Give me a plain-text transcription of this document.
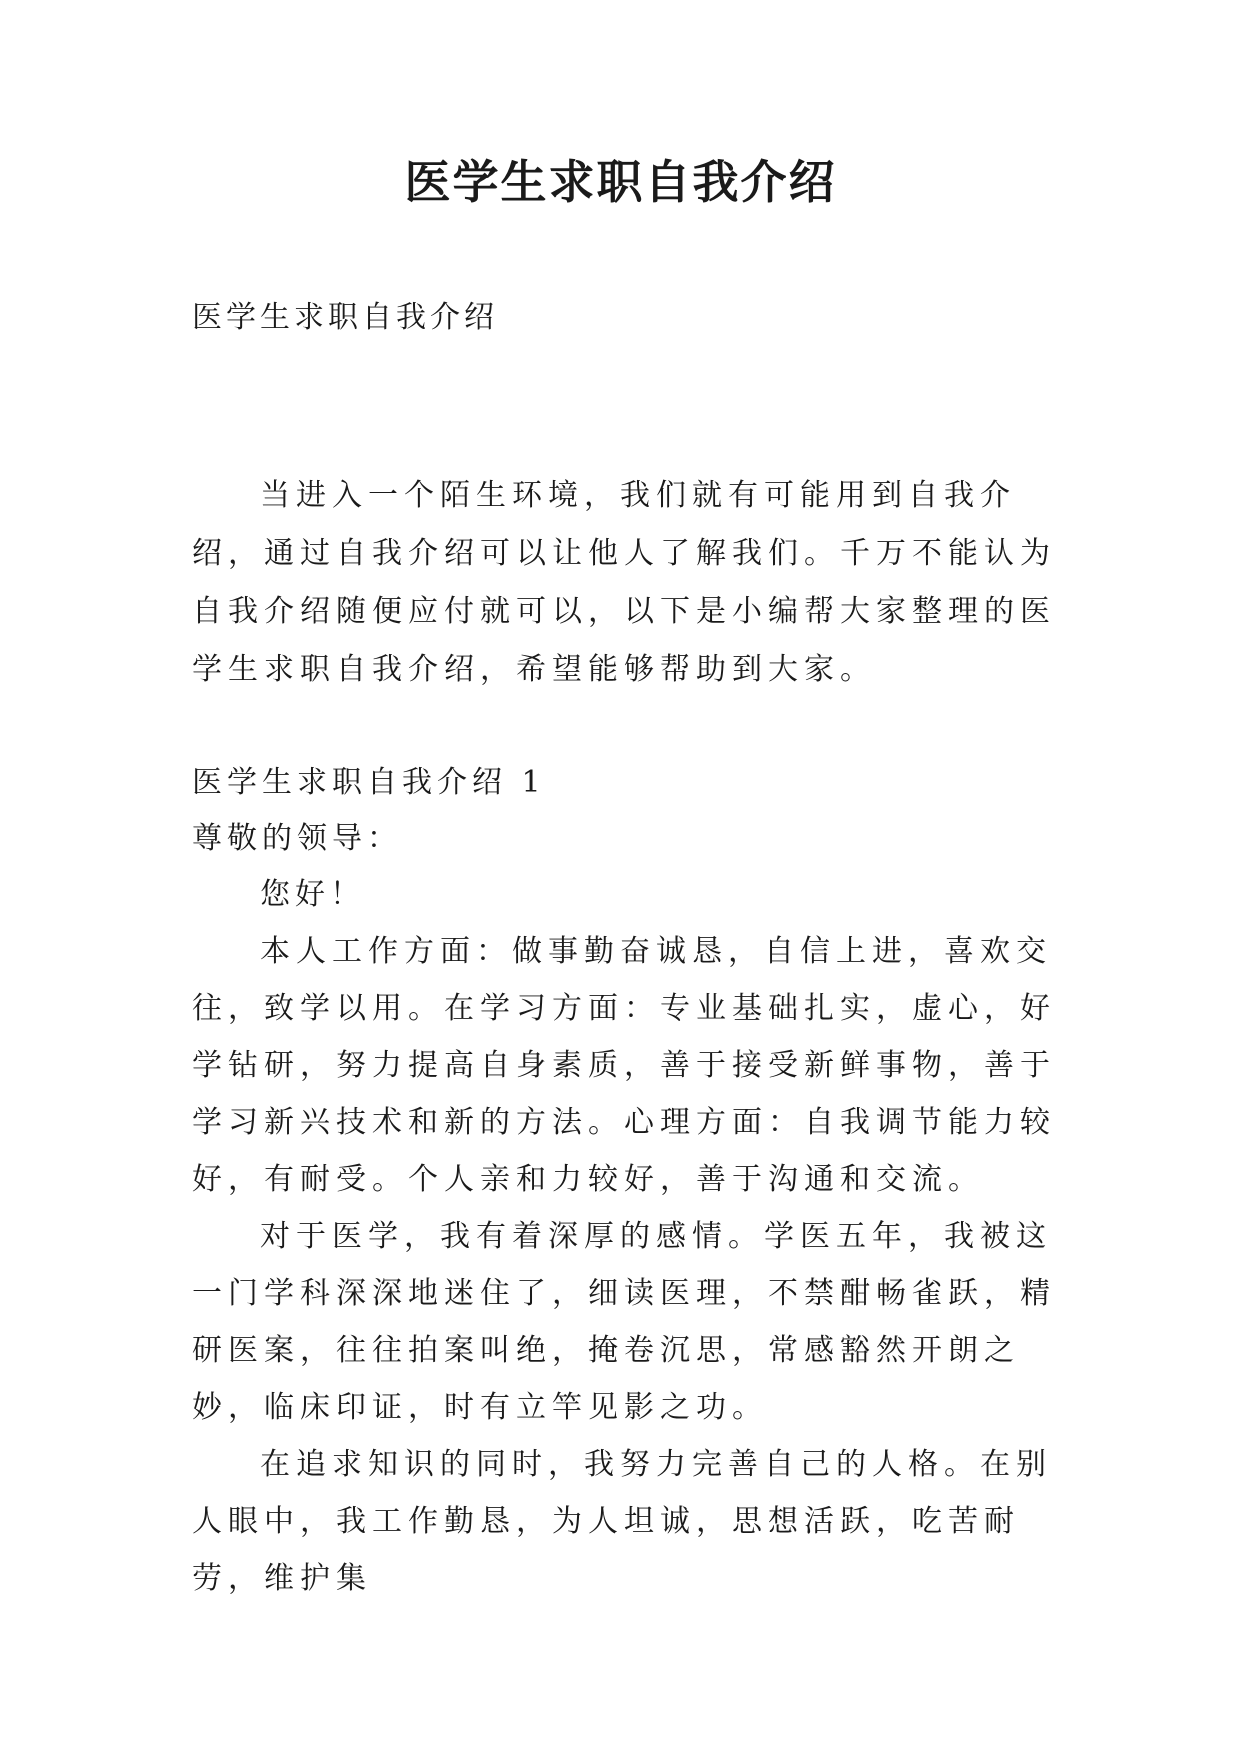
医学生求职自我介绍
医学生求职自我介绍
当进入一个陌生环境，我们就有可能用到自我介绍，通过自我介绍可以让他人了解我们。千万不能认为自我介绍随便应付就可以，以下是小编帮大家整理的医学生求职自我介绍，希望能够帮助到大家。

医学生求职自我介绍 1

尊敬的领导：

您好！

本人工作方面：做事勤奋诚恳，自信上进，喜欢交往，致学以用。在学习方面：专业基础扎实，虚心，好学钻研，努力提高自身素质，善于接受新鲜事物，善于学习新兴技术和新的方法。心理方面：自我调节能力较好，有耐受。个人亲和力较好，善于沟通和交流。

对于医学，我有着深厚的感情。学医五年，我被这一门学科深深地迷住了，细读医理，不禁酣畅雀跃，精研医案，往往拍案叫绝，掩卷沉思，常感豁然开朗之妙，临床印证，时有立竿见影之功。

在追求知识的同时，我努力完善自己的人格。在别人眼中，我工作勤恳，为人坦诚，思想活跃，吃苦耐劳，维护集
